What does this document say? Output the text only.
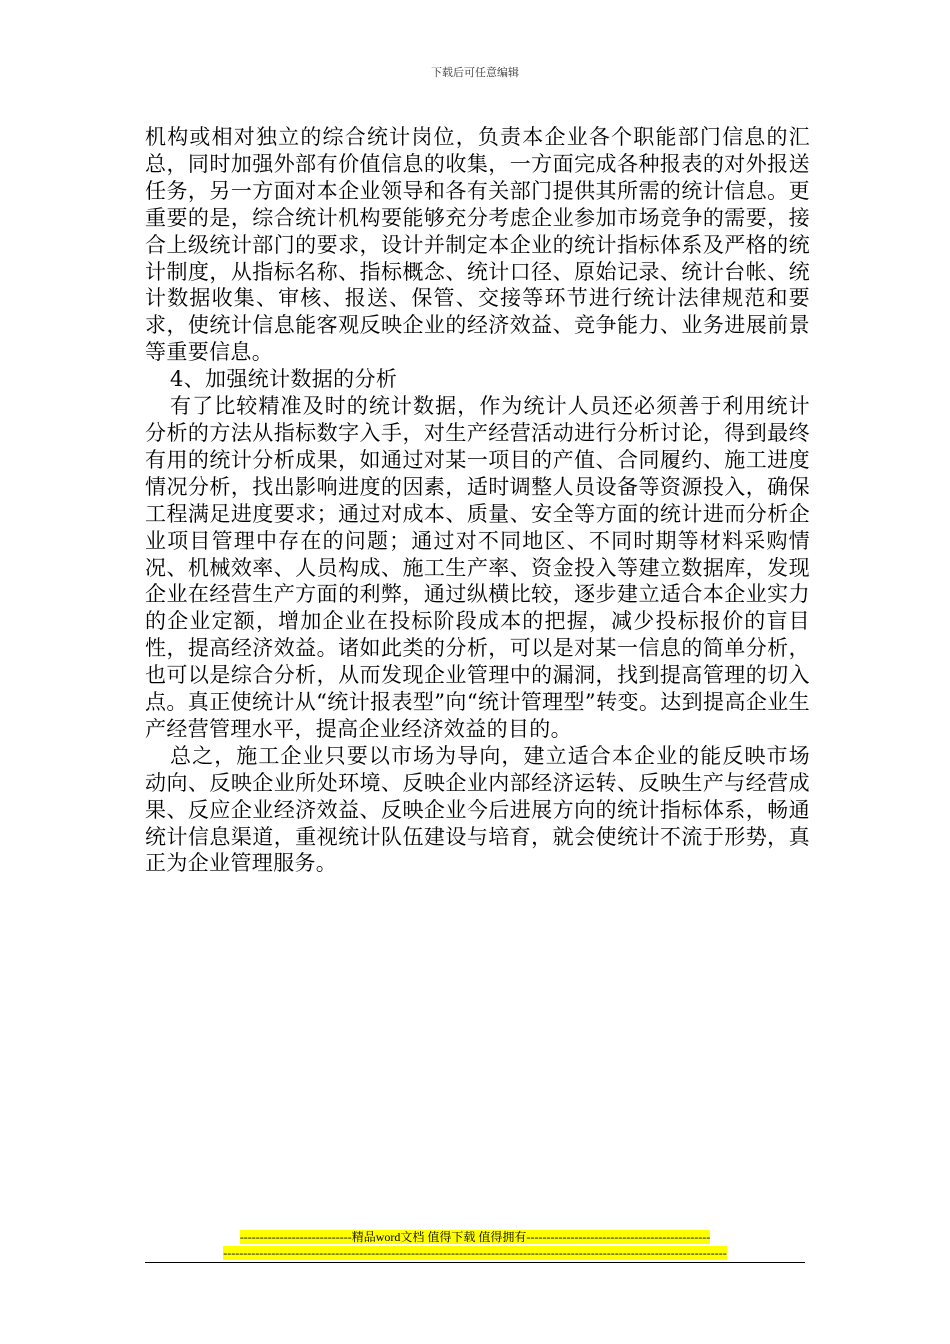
下载后可任意编辑

机构或相对独立的综合统计岗位，负责本企业各个职能部门信息的汇总，同时加强外部有价值信息的收集，一方面完成各种报表的对外报送任务，另一方面对本企业领导和各有关部门提供其所需的统计信息。更重要的是，综合统计机构要能够充分考虑企业参加市场竞争的需要，接合上级统计部门的要求，设计并制定本企业的统计指标体系及严格的统计制度，从指标名称、指标概念、统计口径、原始记录、统计台帐、统计数据收集、审核、报送、保管、交接等环节进行统计法律规范和要求，使统计信息能客观反映企业的经济效益、竞争能力、业务进展前景等重要信息。

4、加强统计数据的分析

有了比较精准及时的统计数据，作为统计人员还必须善于利用统计分析的方法从指标数字入手，对生产经营活动进行分析讨论，得到最终有用的统计分析成果，如通过对某一项目的产值、合同履约、施工进度情况分析，找出影响进度的因素，适时调整人员设备等资源投入，确保工程满足进度要求；通过对成本、质量、安全等方面的统计进而分析企业项目管理中存在的问题；通过对不同地区、不同时期等材料采购情况、机械效率、人员构成、施工生产率、资金投入等建立数据库，发现企业在经营生产方面的利弊，通过纵横比较，逐步建立适合本企业实力的企业定额，增加企业在投标阶段成本的把握，减少投标报价的盲目性，提高经济效益。诸如此类的分析，可以是对某一信息的简单分析，也可以是综合分析，从而发现企业管理中的漏洞，找到提高管理的切入点。真正使统计从“统计报表型”向“统计管理型”转变。达到提高企业生产经营管理水平，提高企业经济效益的目的。

总之，施工企业只要以市场为导向，建立适合本企业的能反映市场动向、反映企业所处环境、反映企业内部经济运转、反映生产与经营成果、反应企业经济效益、反映企业今后进展方向的统计指标体系，畅通统计信息渠道，重视统计队伍建设与培育，就会使统计不流于形势，真正为企业管理服务。

----------------------------精品word文档 值得下载 值得拥有----------------------------------------------
------------------------------------------------------------------------------------------------------------------------------
